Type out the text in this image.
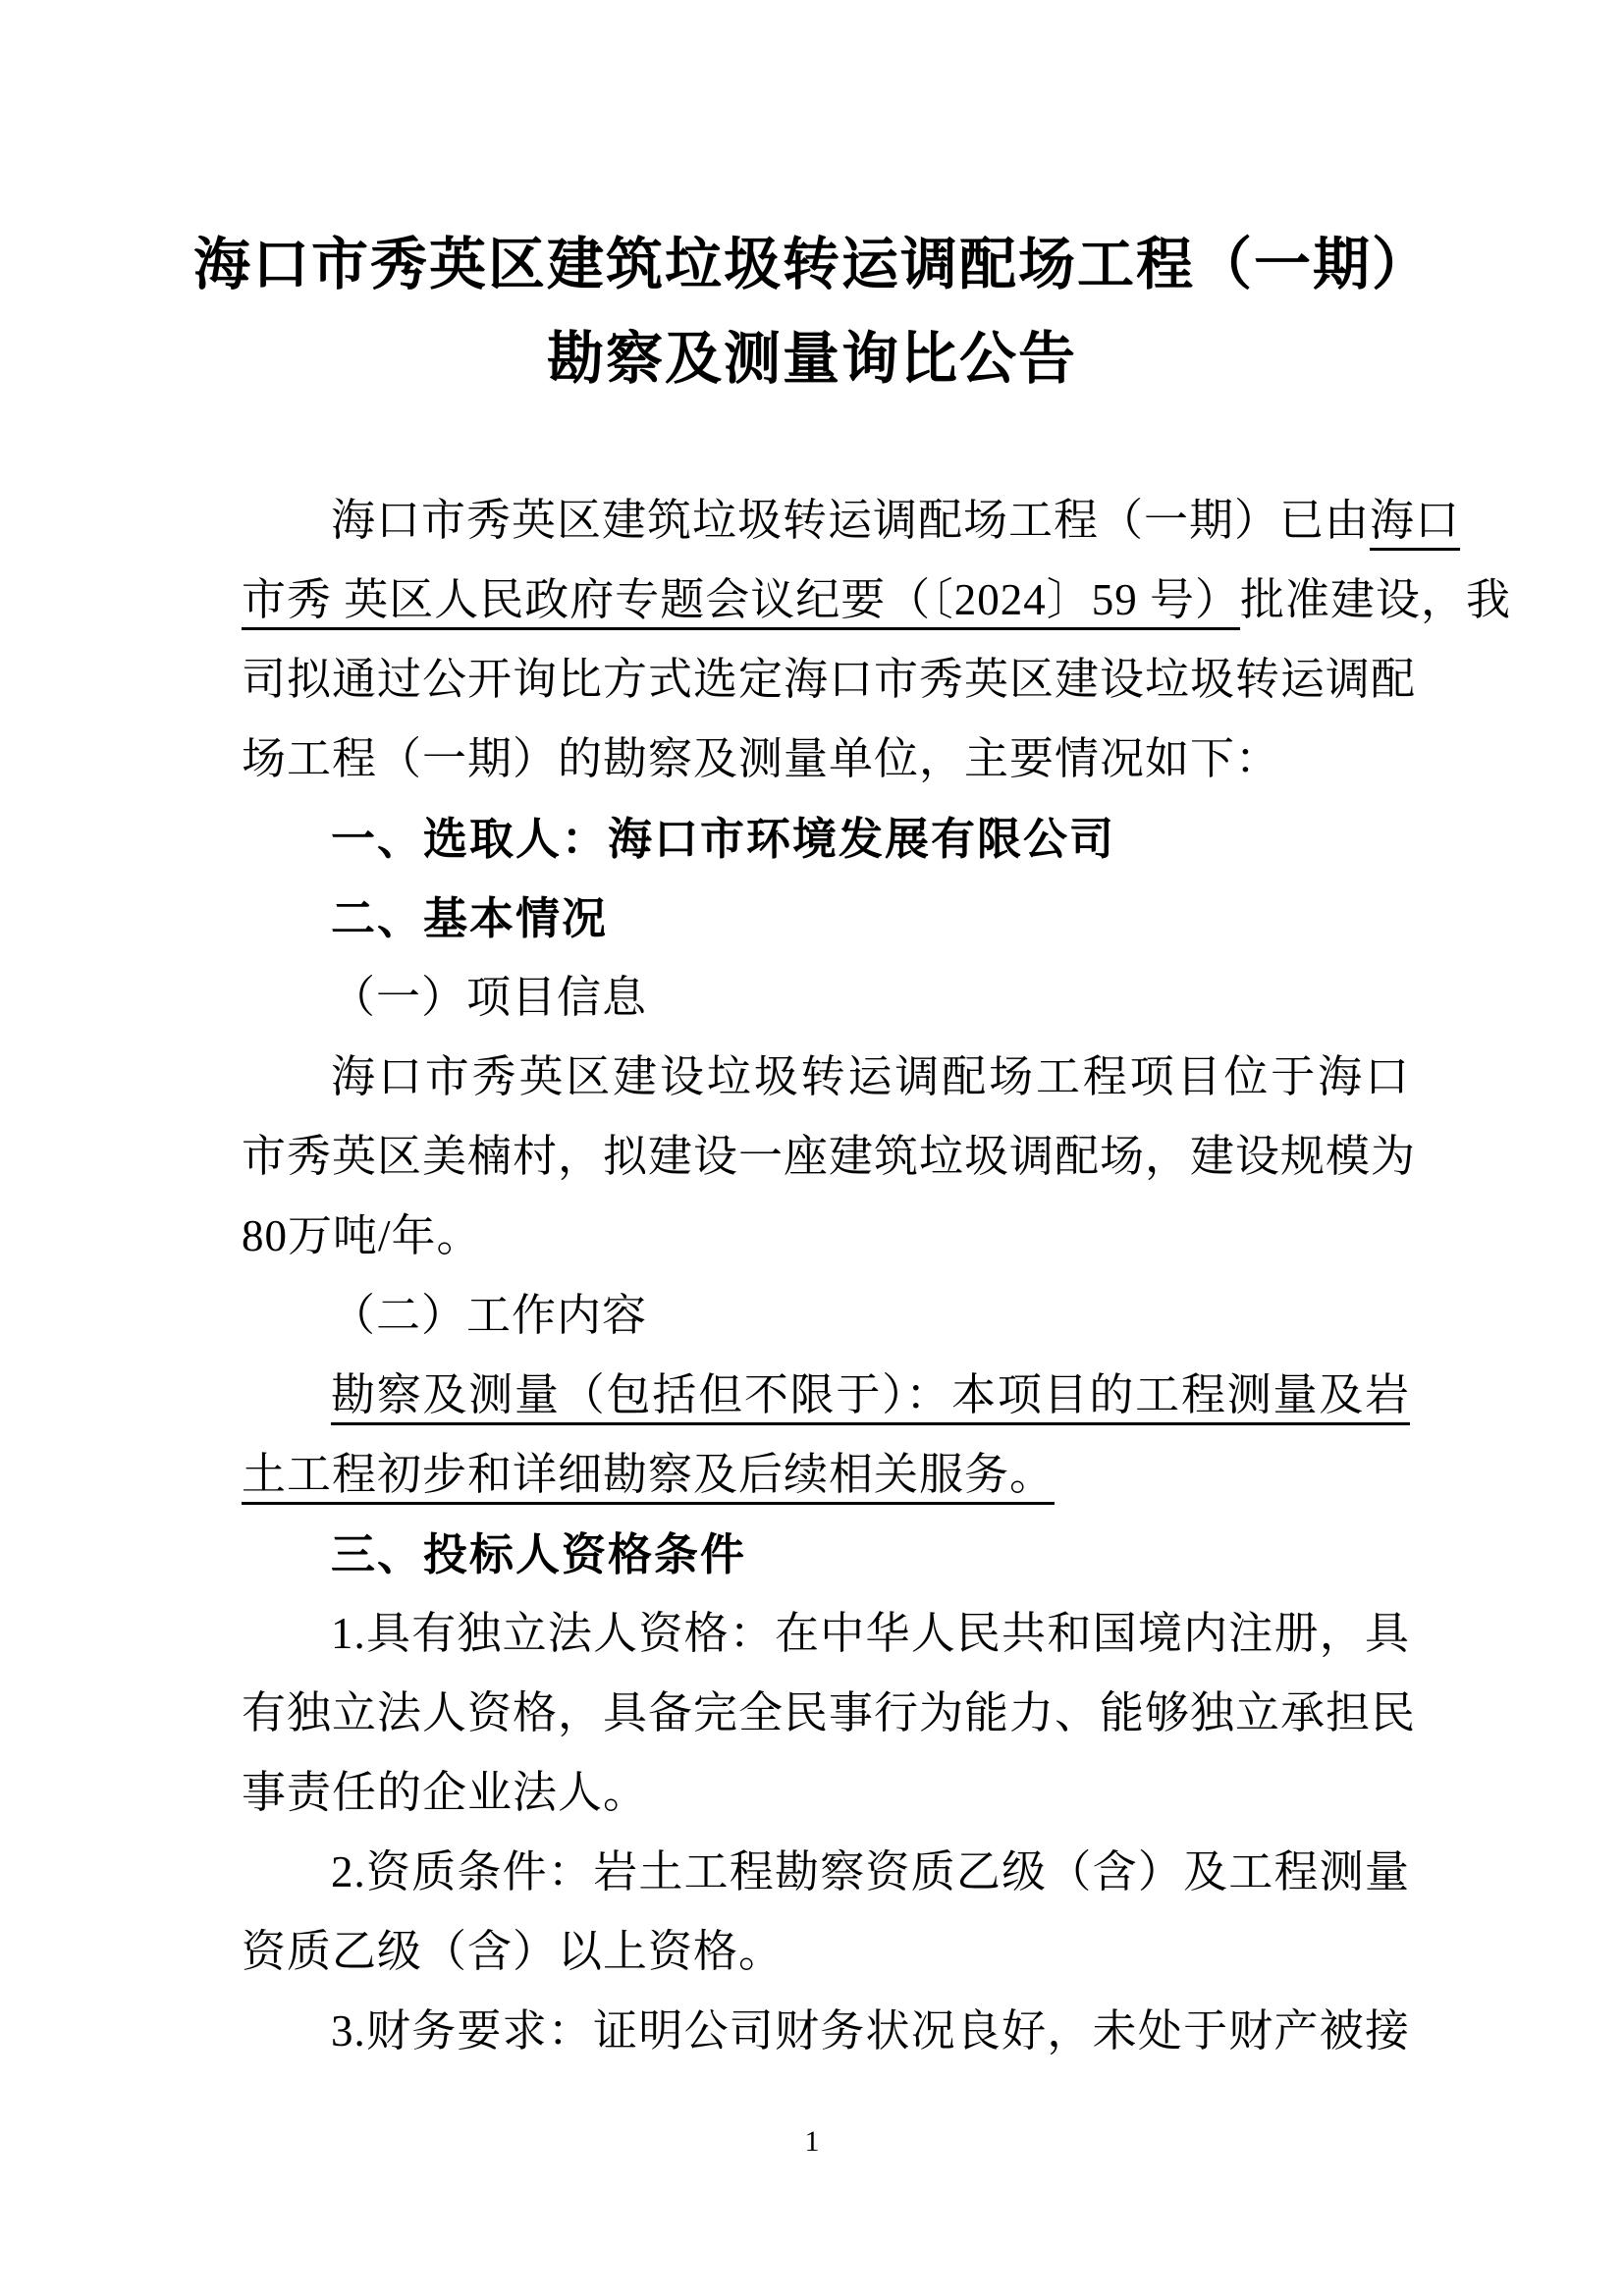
海口市秀英区建筑垃圾转运调配场工程（一期）
勘察及测量询比公告
海口市秀英区建筑垃圾转运调配场工程（一期）已由海口
市秀 英区人民政府专题会议纪要（〔2024〕59 号）批准建设，我
司拟通过公开询比方式选定海口市秀英区建设垃圾转运调配
场工程（一期）的勘察及测量单位，主要情况如下：
一、选取人：海口市环境发展有限公司
二、基本情况
（一）项目信息
海口市秀英区建设垃圾转运调配场工程项目位于海口
市秀英区美楠村，拟建设一座建筑垃圾调配场，建设规模为
80万吨/年。
（二）工作内容
勘察及测量（包括但不限于）：本项目的工程测量及岩
土工程初步和详细勘察及后续相关服务。
三、投标人资格条件
1.具有独立法人资格：在中华人民共和国境内注册，具
有独立法人资格，具备完全民事行为能力、能够独立承担民
事责任的企业法人。
2.资质条件：岩土工程勘察资质乙级（含）及工程测量
资质乙级（含）以上资格。
3.财务要求：证明公司财务状况良好，未处于财产被接
1
